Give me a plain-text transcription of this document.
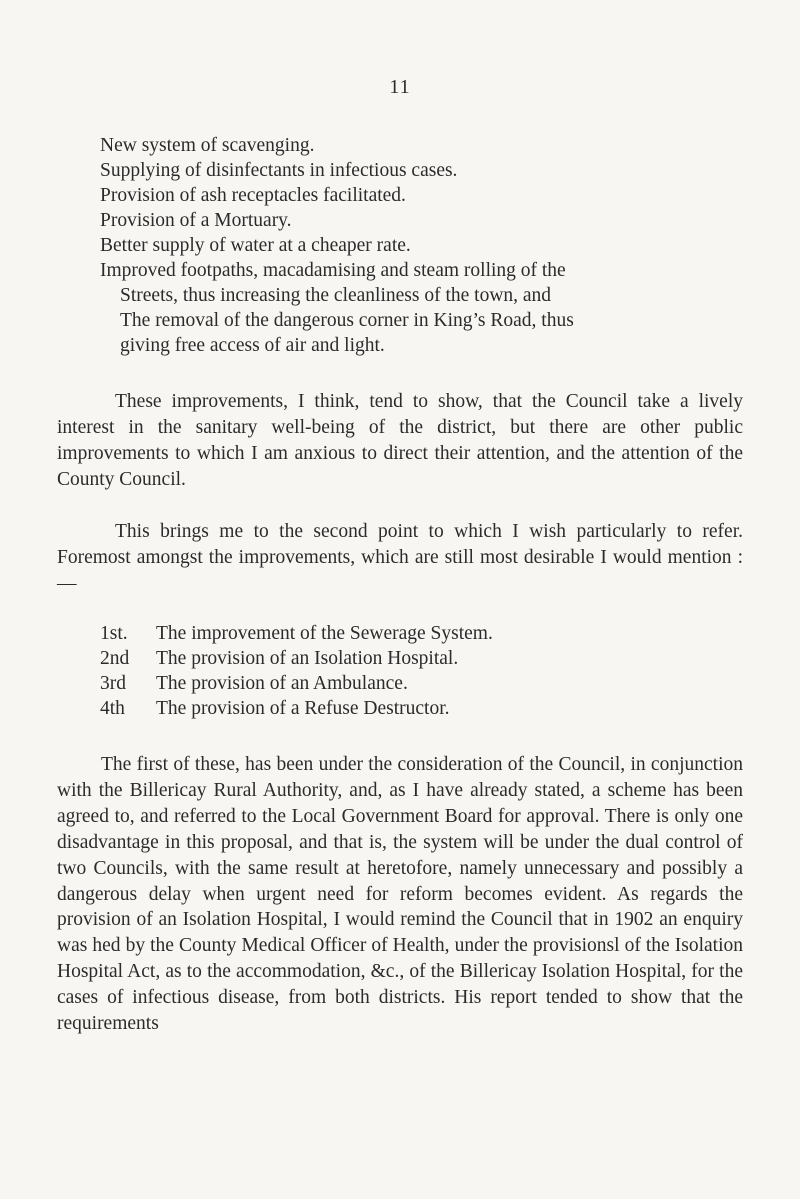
11
New system of scavenging.
Supplying of disinfectants in infectious cases.
Provision of ash receptacles facilitated.
Provision of a Mortuary.
Better supply of water at a cheaper rate.
Improved footpaths, macadamising and steam rolling of the
Streets, thus increasing the cleanliness of the town, and
The removal of the dangerous corner in King’s Road, thus
giving free access of air and light.
These improvements, I think, tend to show, that the Council take a lively interest in the sanitary well-being of the district, but there are other public improvements to which I am anxious to direct their attention, and the attention of the County Council.
This brings me to the second point to which I wish particularly to refer. Foremost amongst the improvements, which are still most desirable I would mention :—
1st. The improvement of the Sewerage System.
2nd The provision of an Isolation Hospital.
3rd The provision of an Ambulance.
4th The provision of a Refuse Destructor.
The first of these, has been under the consideration of the Council, in conjunction with the Billericay Rural Authority, and, as I have already stated, a scheme has been agreed to, and referred to the Local Government Board for approval. There is only one disadvantage in this proposal, and that is, the system will be under the dual control of two Councils, with the same result at heretofore, namely unnecessary and possibly a dangerous delay when urgent need for reform becomes evident. As regards the provision of an Isolation Hospital, I would remind the Council that in 1902 an enquiry was hed by the County Medical Officer of Health, under the provisionsl of the Isolation Hospital Act, as to the accommodation, &c., of the Billericay Isolation Hospital, for the cases of infectious disease, from both districts. His report tended to show that the requirements
